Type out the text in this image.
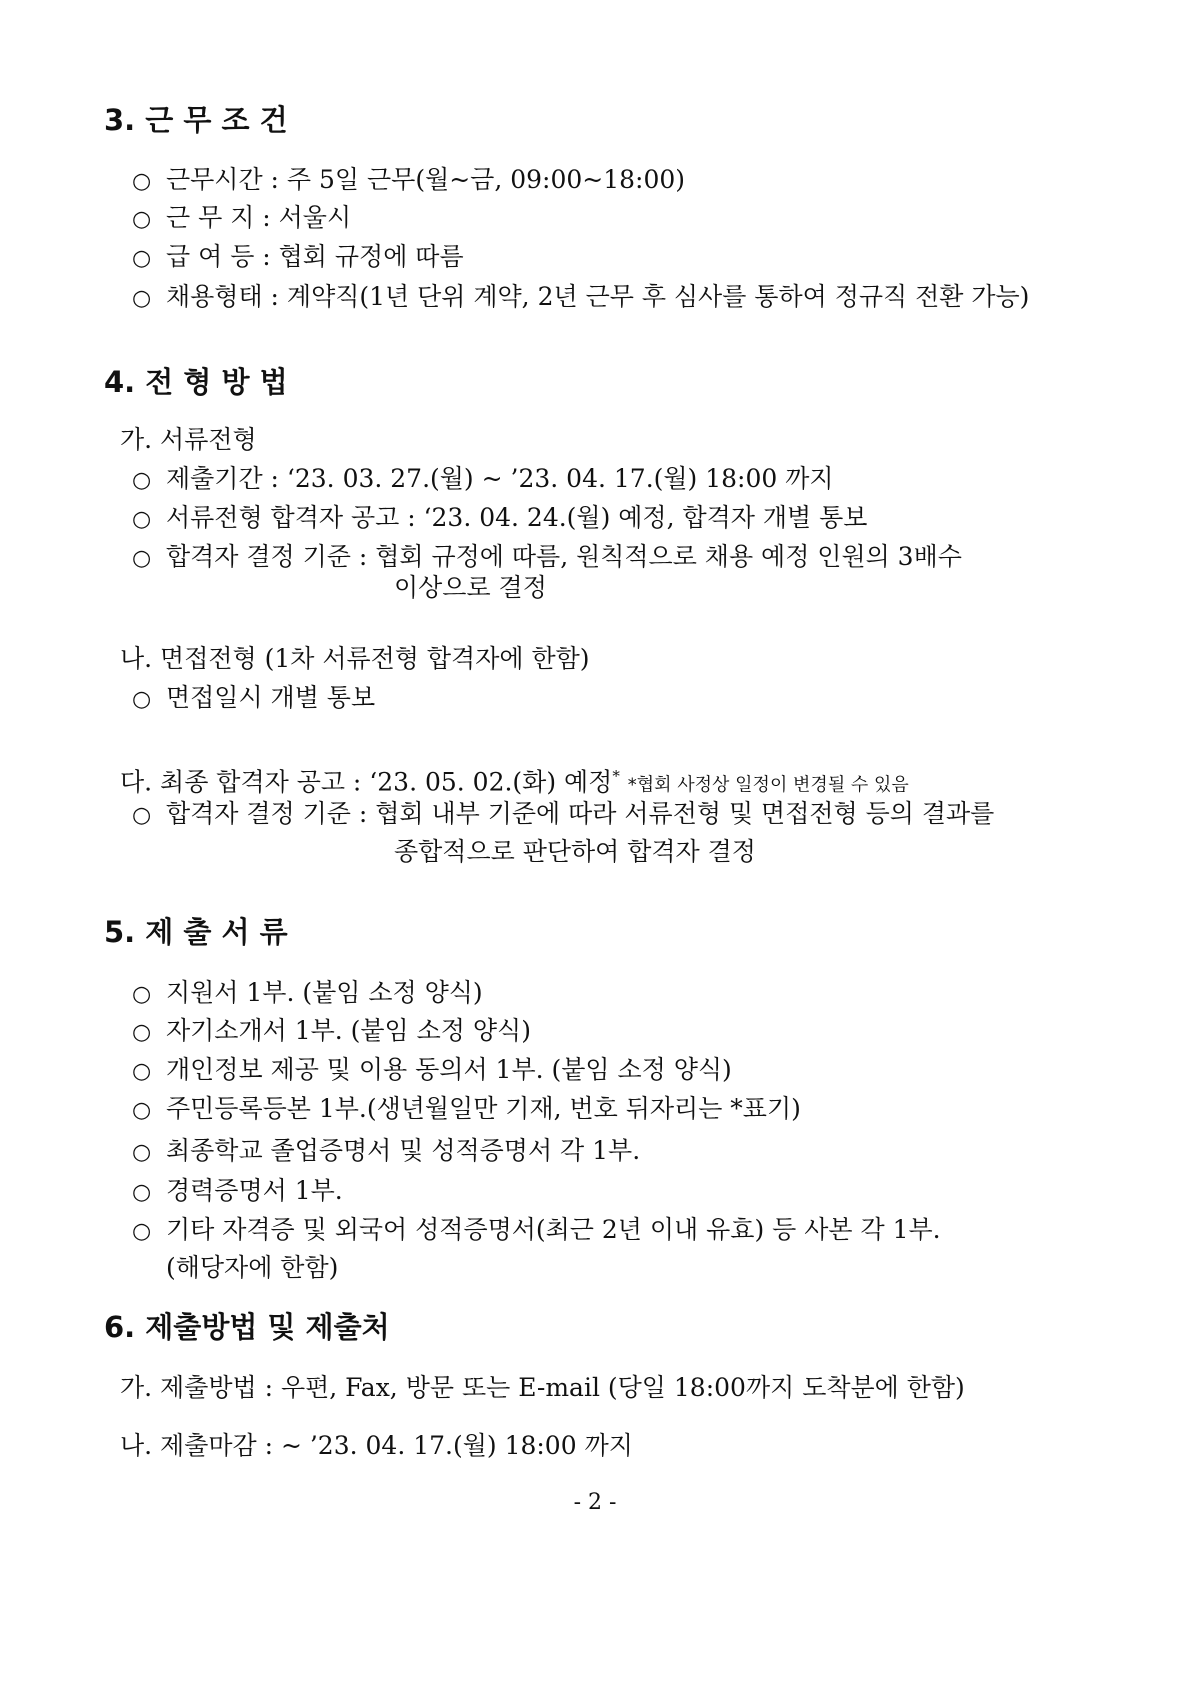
3. 근 무 조 건
○ 근무시간 : 주 5일 근무(월~금, 09:00~18:00)
○ 근 무 지 : 서울시
○ 급 여 등 : 협회 규정에 따름
○ 채용형태 : 계약직(1년 단위 계약, 2년 근무 후 심사를 통하여 정규직 전환 가능)
4. 전 형 방 법
가. 서류전형
○ 제출기간 : ‘23. 03. 27.(월) ~ ’23. 04. 17.(월) 18:00 까지
○ 서류전형 합격자 공고 : ‘23. 04. 24.(월) 예정, 합격자 개별 통보
○ 합격자 결정 기준 : 협회 규정에 따름, 원칙적으로 채용 예정 인원의 3배수
이상으로 결정
나. 면접전형 (1차 서류전형 합격자에 한함)
○ 면접일시 개별 통보
다. 최종 합격자 공고 : ‘23. 05. 02.(화) 예정* *협회 사정상 일정이 변경될 수 있음
○ 합격자 결정 기준 : 협회 내부 기준에 따라 서류전형 및 면접전형 등의 결과를
종합적으로 판단하여 합격자 결정
5. 제 출 서 류
○ 지원서 1부. (붙임 소정 양식)
○ 자기소개서 1부. (붙임 소정 양식)
○ 개인정보 제공 및 이용 동의서 1부. (붙임 소정 양식)
○ 주민등록등본 1부.(생년월일만 기재, 번호 뒤자리는 *표기)
○ 최종학교 졸업증명서 및 성적증명서 각 1부.
○ 경력증명서 1부.
○ 기타 자격증 및 외국어 성적증명서(최근 2년 이내 유효) 등 사본 각 1부.
(해당자에 한함)
6. 제출방법 및 제출처
가. 제출방법 : 우편, Fax, 방문 또는 E-mail (당일 18:00까지 도착분에 한함)
나. 제출마감 : ~ ’23. 04. 17.(월) 18:00 까지
- 2 -
